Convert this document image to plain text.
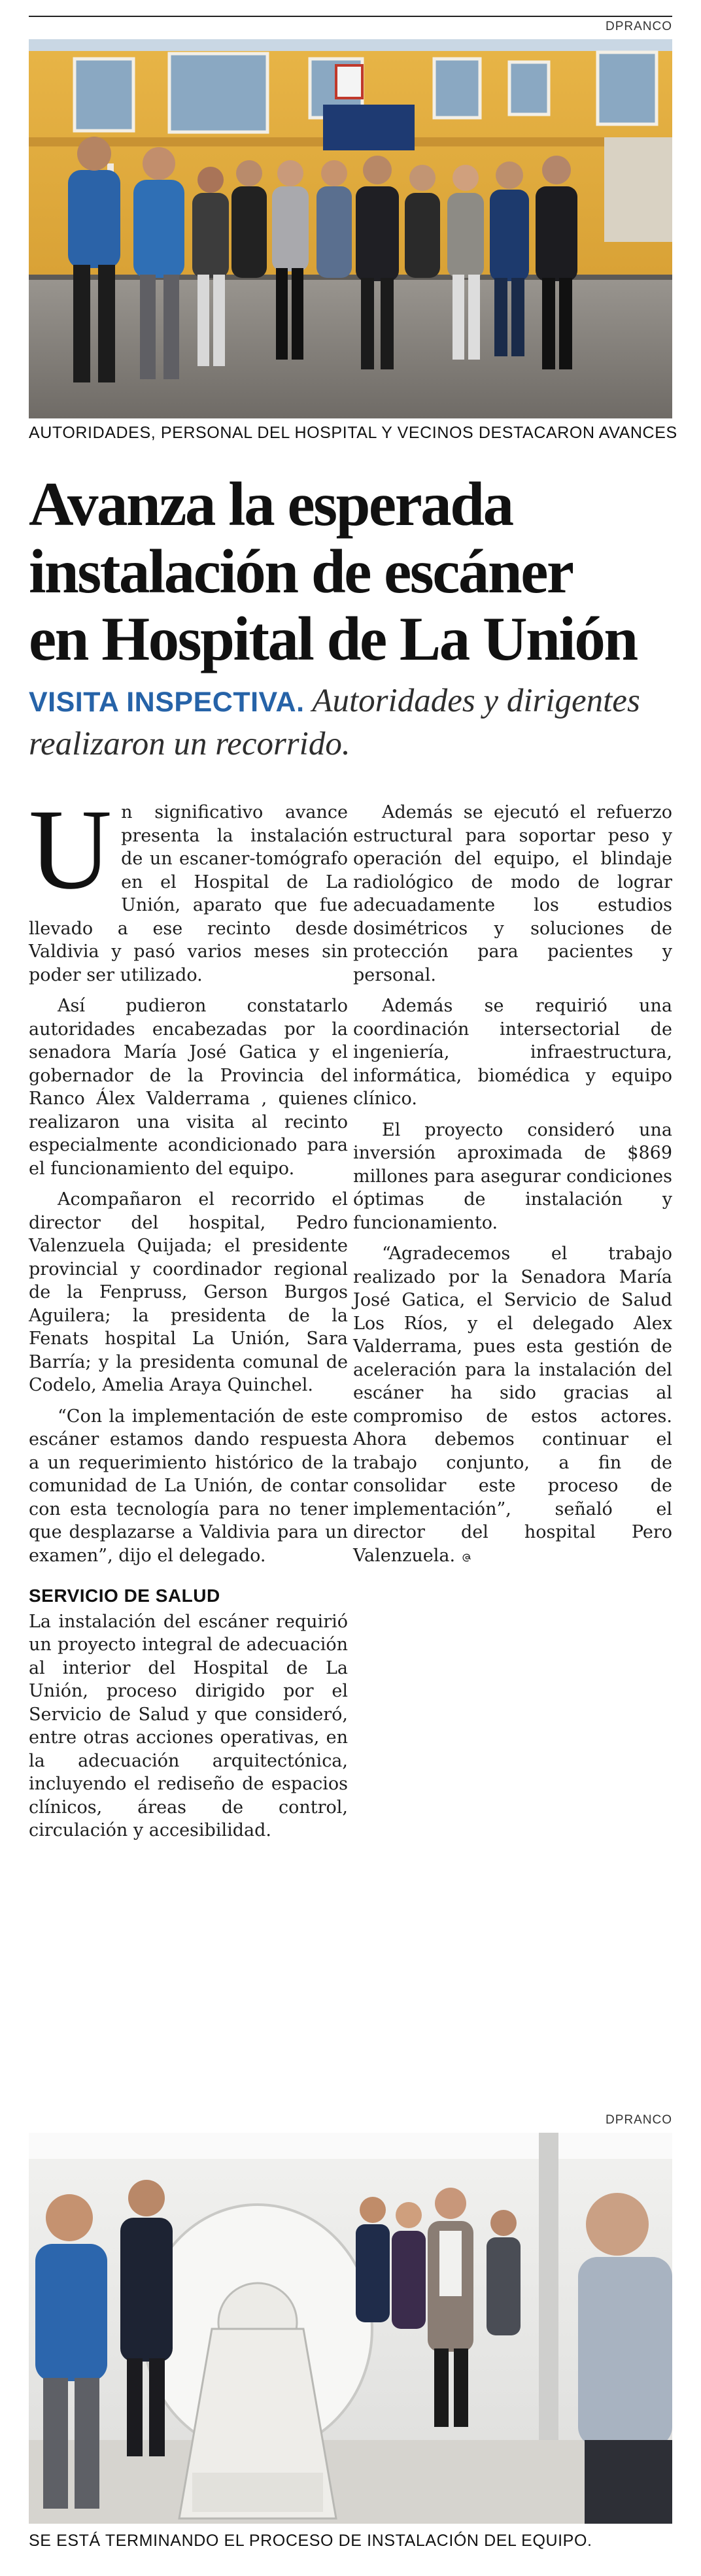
DPRANCO
AUTORIDADES, PERSONAL DEL HOSPITAL Y VECINOS DESTACARON AVANCES
Avanza la esperada
instalación de escáner
en Hospital de La Unión

VISITA INSPECTIVA. Autoridades y dirigentes realizaron un recorrido.

Un significativo avance presenta la instalación de un escaner-tomógrafo en el Hospital de La Unión, aparato que fue llevado a ese recinto desde Valdivia y pasó varios meses sin poder ser utilizado.

Así pudieron constatarlo autoridades encabezadas por la senadora María José Gatica y el gobernador de la Provincia del Ranco Álex Valderrama , quienes realizaron una visita al recinto especialmente acondicionado para el funcionamiento del equipo.

Acompañaron el recorrido el director del hospital, Pedro Valenzuela Quijada; el presidente provincial y coordinador regional de la Fenpruss, Gerson Burgos Aguilera; la presidenta de la Fenats hospital La Unión, Sara Barría; y la presidenta comunal de Codelo, Amelia Araya Quinchel.

“Con la implementación de este escáner estamos dando respuesta a un requerimiento histórico de la comunidad de La Unión, de contar con esta tecnología para no tener que desplazarse a Valdivia para un examen”, dijo el delegado.

SERVICIO DE SALUD

La instalación del escáner requirió un proyecto integral de adecuación al interior del Hospital de La Unión, proceso dirigido por el Servicio de Salud y que consideró, entre otras acciones operativas, en la adecuación arquitectónica, incluyendo el rediseño de espacios clínicos, áreas de control, circulación y accesibilidad.

Además se ejecutó el refuerzo estructural para soportar peso y operación del equipo, el blindaje radiológico de modo de lograr adecuadamente los estudios dosimétricos y soluciones de protección para pacientes y personal.

Además se requirió una coordinación intersectorial de ingeniería, infraestructura, informática, biomédica y equipo clínico.

El proyecto consideró una inversión aproximada de $869 millones para asegurar condiciones óptimas de instalación y funcionamiento.

“Agradecemos el trabajo realizado por la Senadora María José Gatica, el Servicio de Salud Los Ríos, y el delegado Alex Valderrama, pues esta gestión de aceleración para la instalación del escáner ha sido gracias al compromiso de estos actores. Ahora debemos continuar el trabajo conjunto, a fin de consolidar este proceso de implementación”, señaló el director del hospital Pero Valenzuela. ဇ

DPRANCO
SE ESTÁ TERMINANDO EL PROCESO DE INSTALACIÓN DEL EQUIPO.
